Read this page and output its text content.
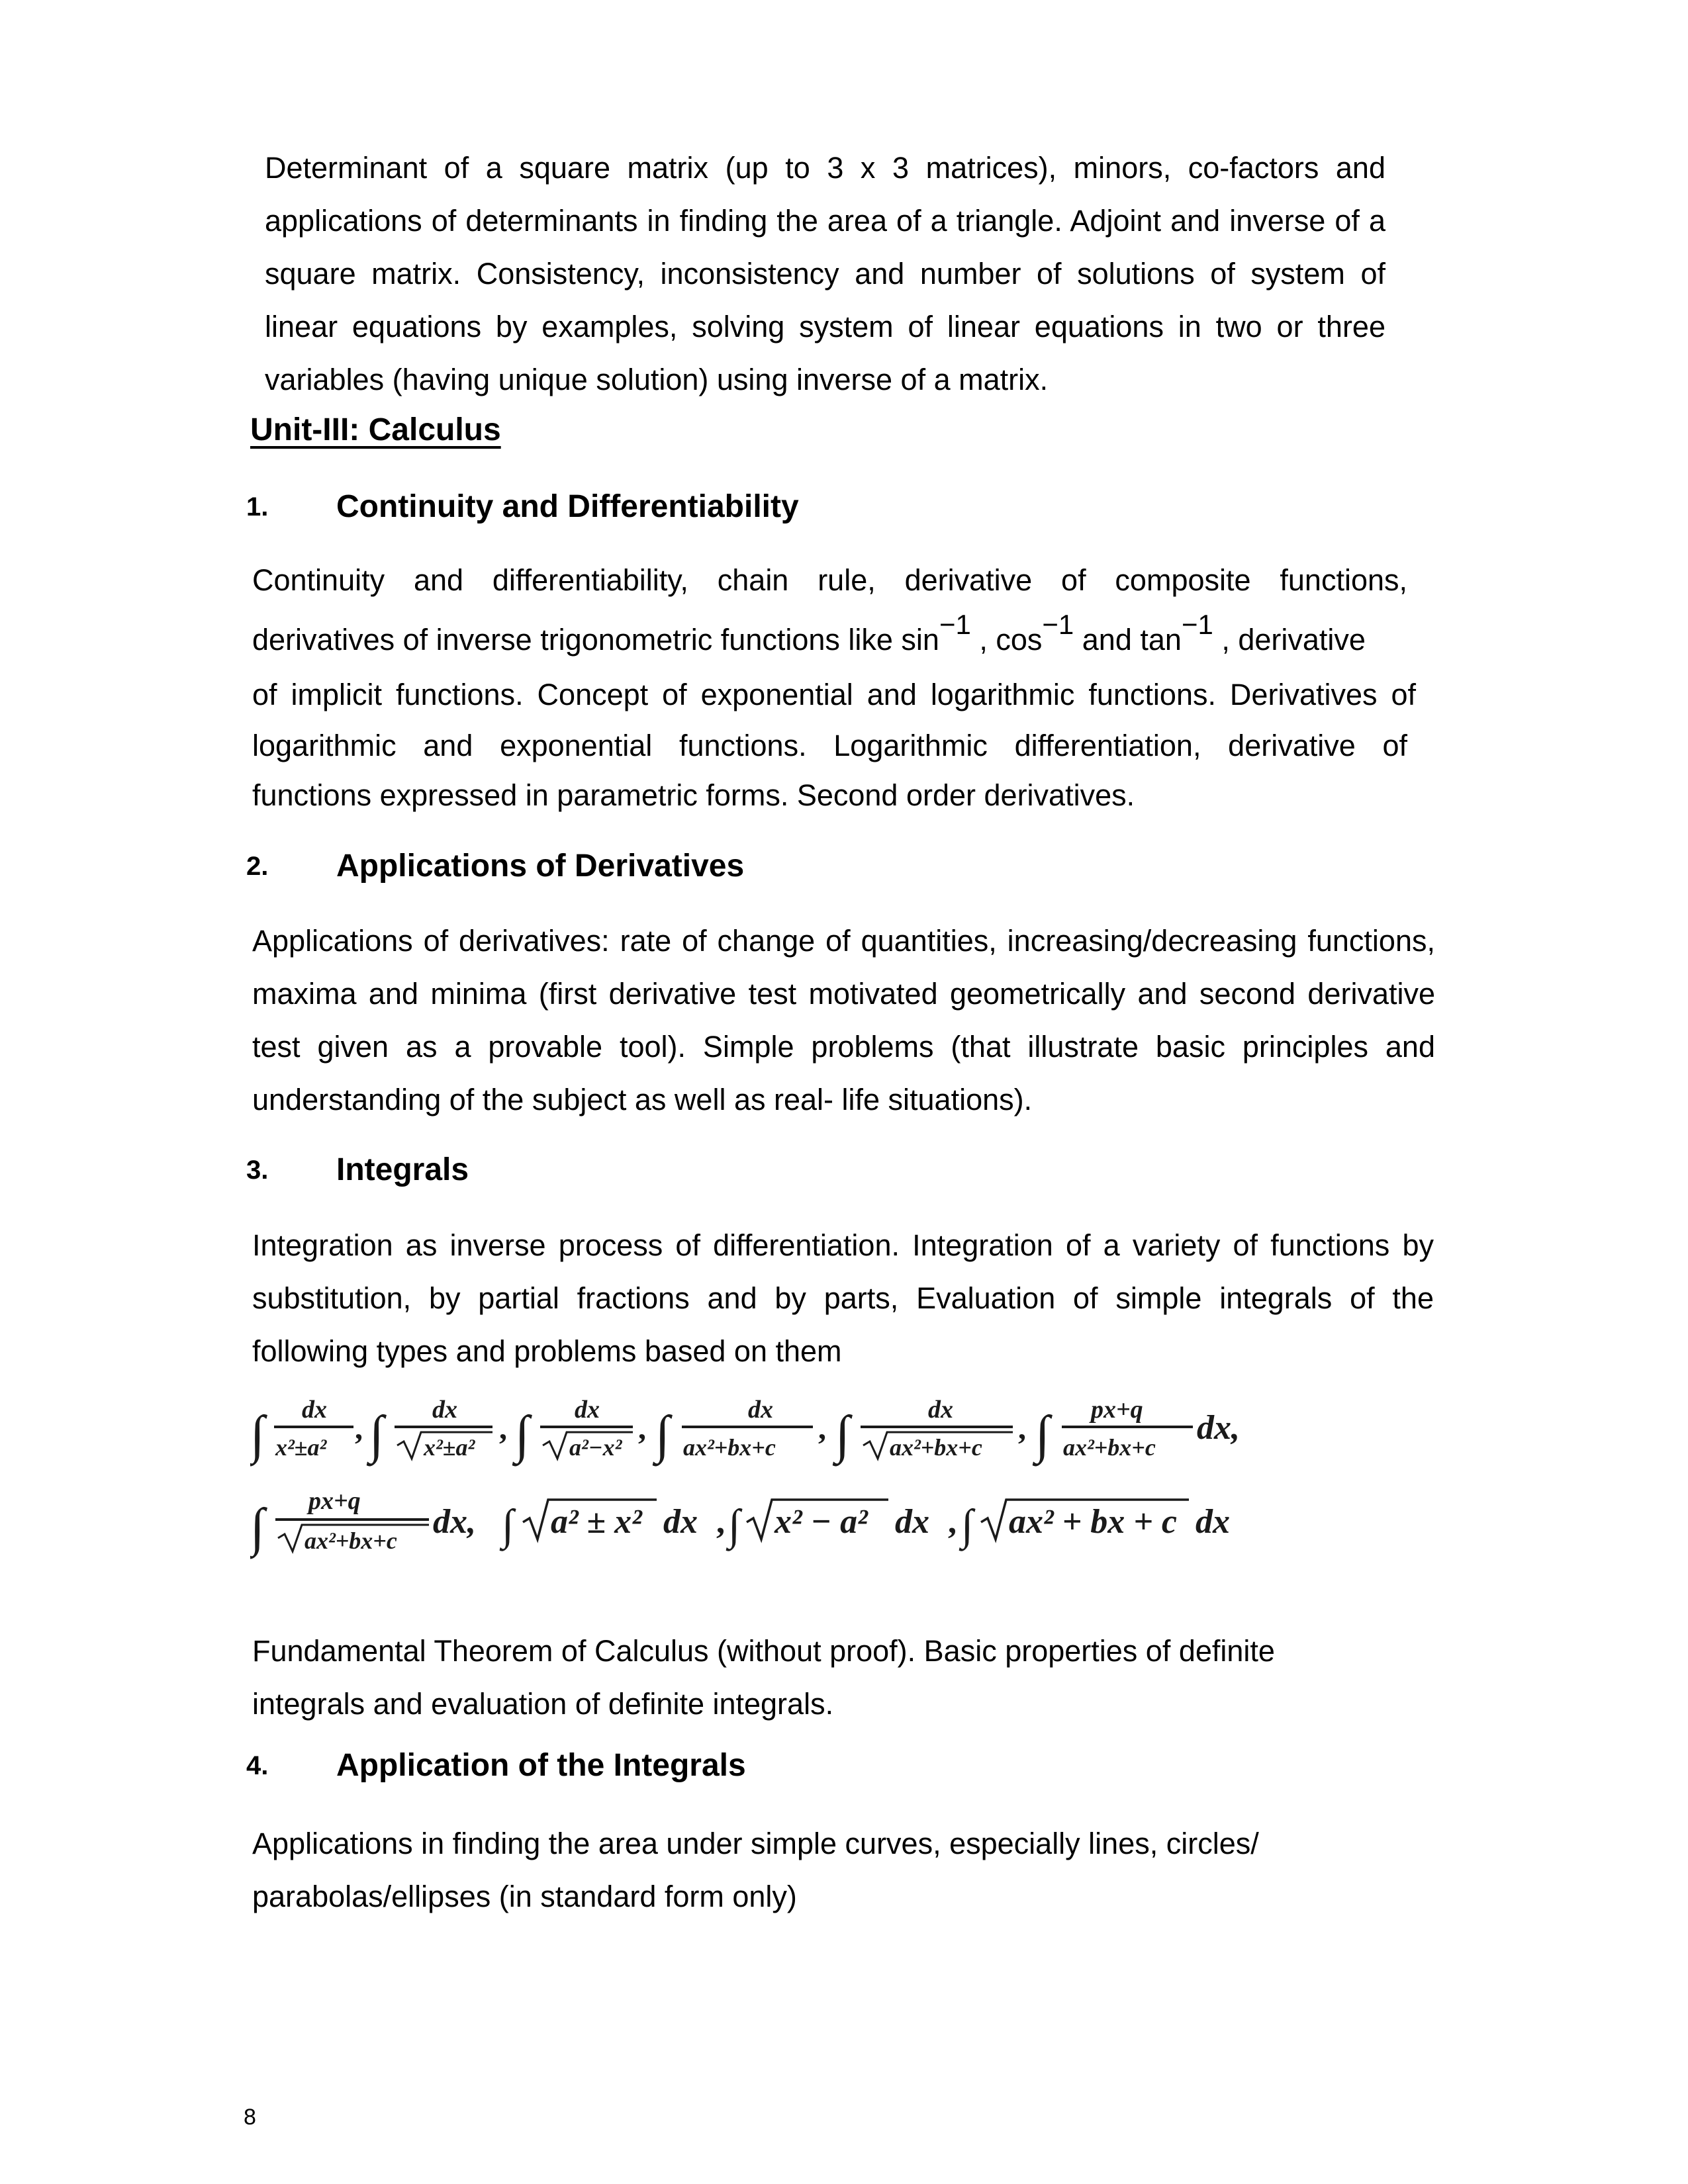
Determinant of a square matrix (up to 3 x 3 matrices), minors, co-factors and applications of determinants in finding the area of a triangle. Adjoint and inverse of a square matrix. Consistency, inconsistency and number of solutions of system of linear equations by examples, solving system of linear equations in two or three variables (having unique solution) using inverse of a matrix.
Unit-III: Calculus
1. Continuity and Differentiability
Continuity and differentiability, chain rule, derivative of composite functions,
derivatives of inverse trigonometric functions like $\sin^{-1}$ , $\cos^{-1}$ and $\tan^{-1}$ , derivative
of implicit functions. Concept of exponential and logarithmic functions. Derivatives of
logarithmic and exponential functions. Logarithmic differentiation, derivative of
functions expressed in parametric forms. Second order derivatives.
2. Applications of Derivatives
Applications of derivatives: rate of change of quantities, increasing/decreasing functions, maxima and minima (first derivative test motivated geometrically and second derivative test given as a provable tool). Simple problems (that illustrate basic principles and understanding of the subject as well as real- life situations).
3. Integrals
Integration as inverse process of differentiation. Integration of a variety of functions by substitution, by partial fractions and by parts, Evaluation of simple integrals of the following types and problems based on them
∫ dx
x²±a²
, ∫ dx
x²±a²
, ∫ dx
a²−x²
, ∫	dx
ax²+bx+c
, ∫	dx
ax²+bx+c
, ∫ px+q
ax²+bx+c
dx,
∫ px+q
ax²+bx+c dx, ∫ a² ± x² dx , ∫ x² − a² dx , ∫ ax² + bx + c dx
Fundamental Theorem of Calculus (without proof). Basic properties of definite integrals and evaluation of definite integrals.
4. Application of the Integrals
Applications in finding the area under simple curves, especially lines, circles/ parabolas/ellipses (in standard form only)
8
